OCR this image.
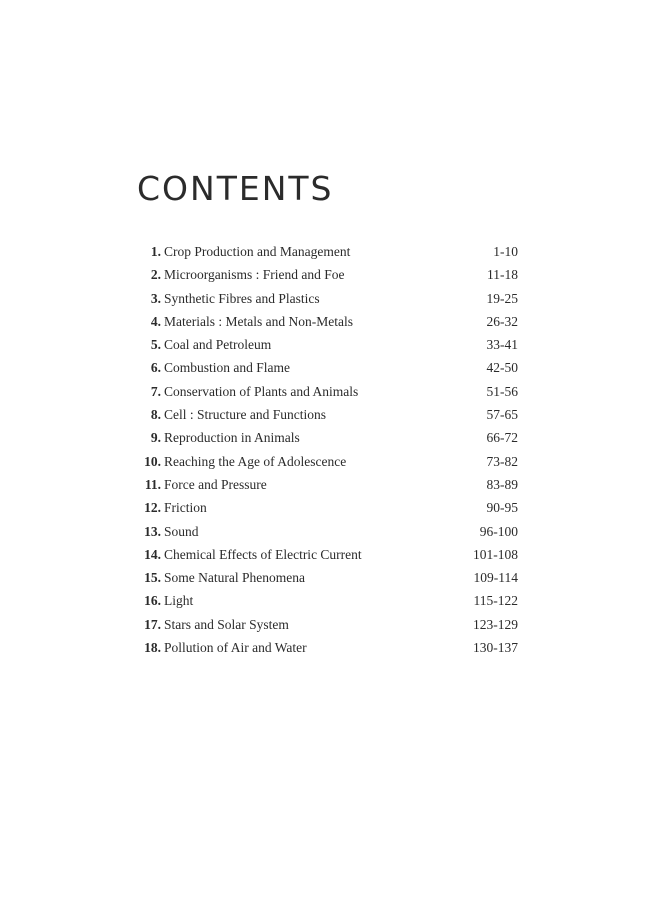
CONTENTS
1. Crop Production and Management	1-10
2. Microorganisms : Friend and Foe	11-18
3. Synthetic Fibres and Plastics	19-25
4. Materials : Metals and Non-Metals	26-32
5. Coal and Petroleum	33-41
6. Combustion and Flame	42-50
7. Conservation of Plants and Animals	51-56
8. Cell : Structure and Functions	57-65
9. Reproduction in Animals	66-72
10. Reaching the Age of Adolescence	73-82
11. Force and Pressure	83-89
12. Friction	90-95
13. Sound	96-100
14. Chemical Effects of Electric Current	101-108
15. Some Natural Phenomena	109-114
16. Light	115-122
17. Stars and Solar System	123-129
18. Pollution of Air and Water	130-137
